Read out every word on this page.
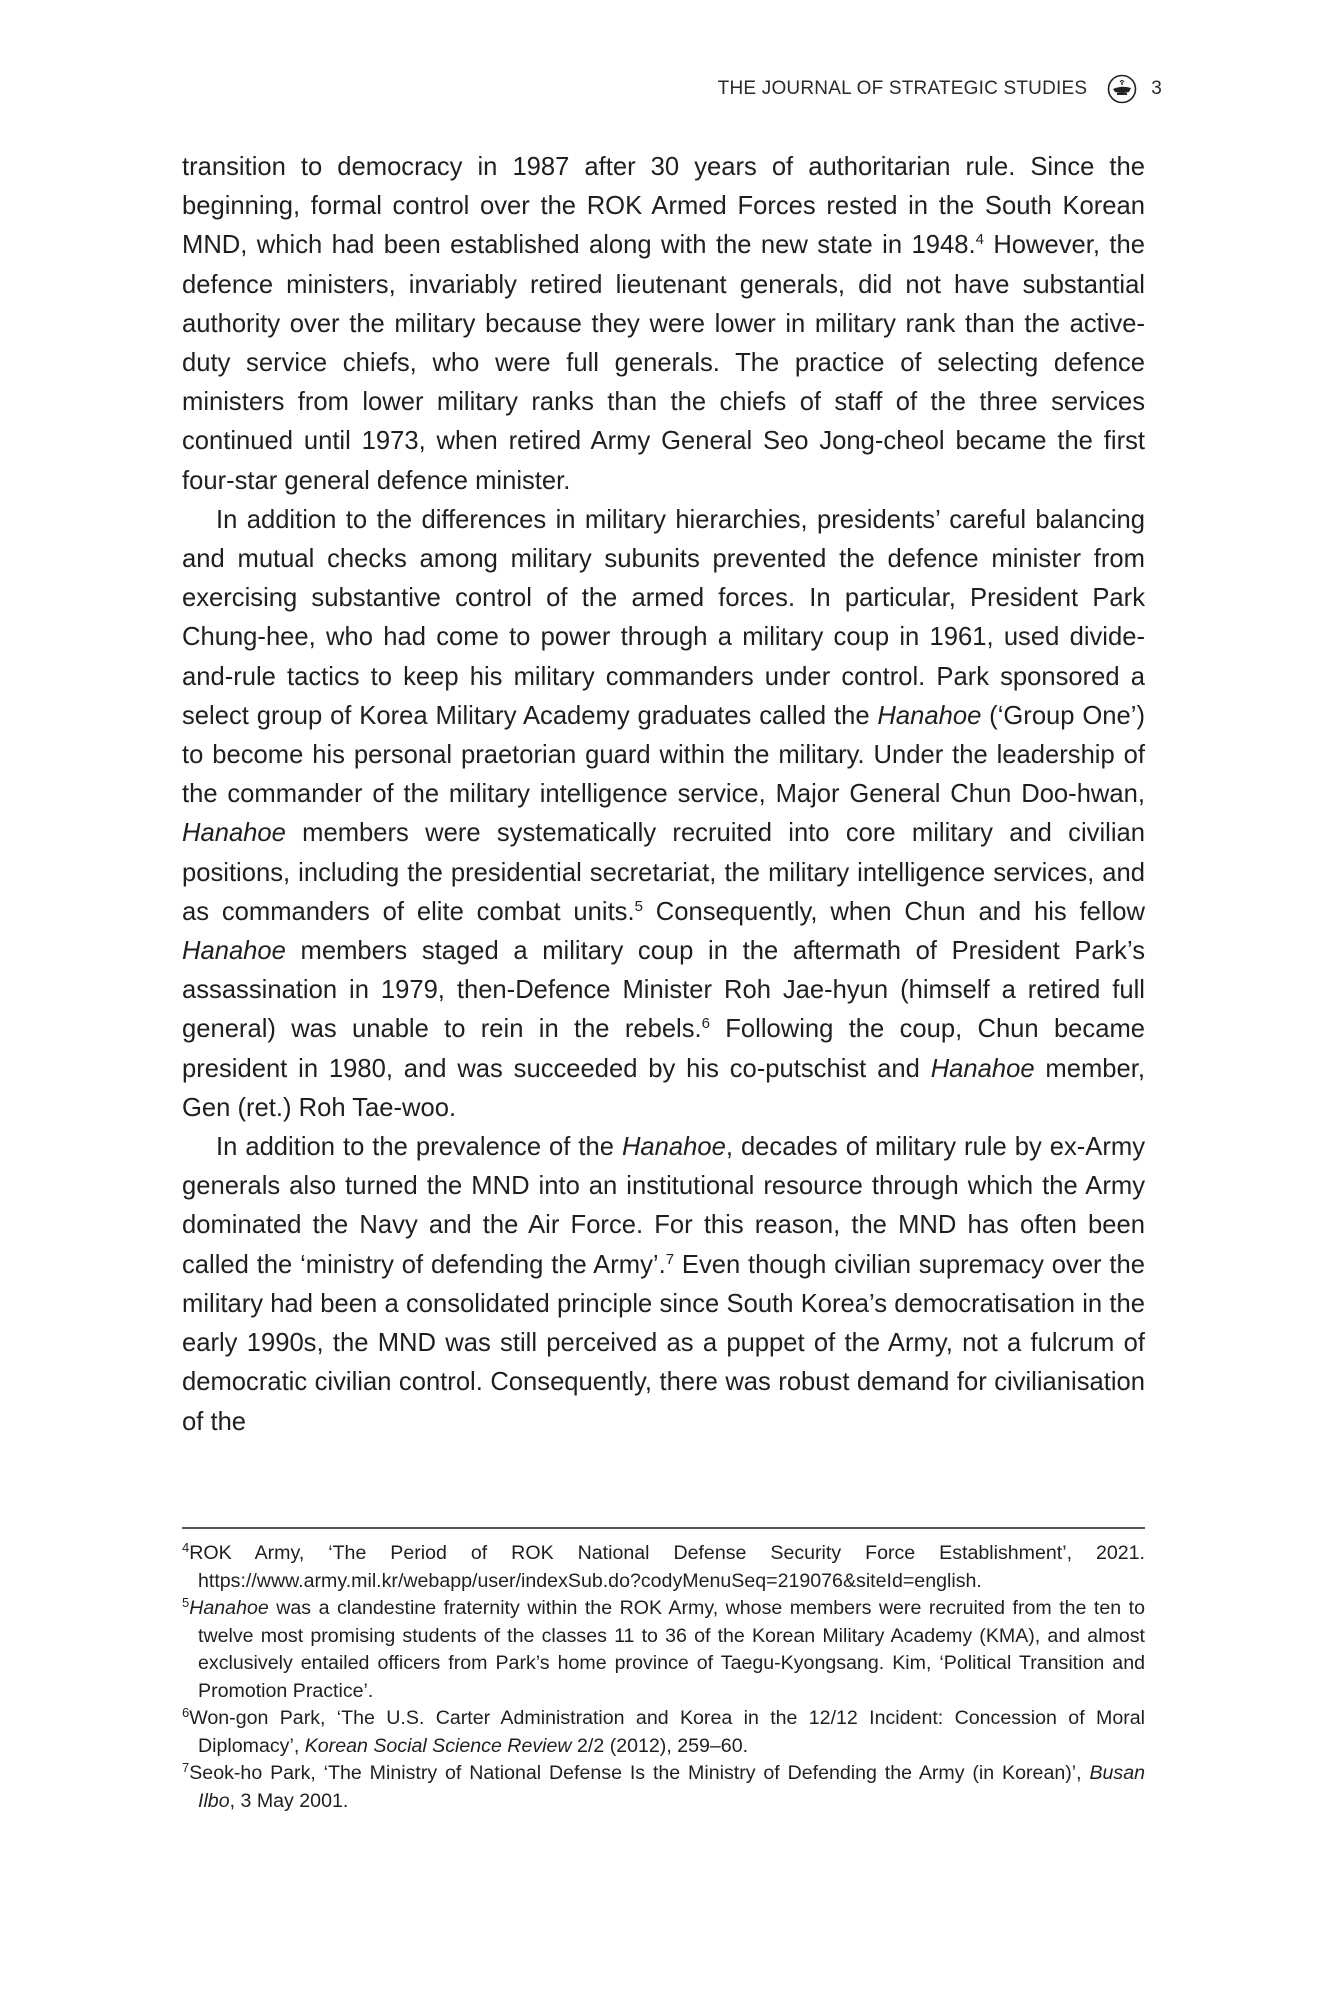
THE JOURNAL OF STRATEGIC STUDIES	3

transition to democracy in 1987 after 30 years of authoritarian rule. Since the beginning, formal control over the ROK Armed Forces rested in the South Korean MND, which had been established along with the new state in 1948.$^4$ However, the defence ministers, invariably retired lieutenant generals, did not have substantial authority over the military because they were lower in military rank than the active-duty service chiefs, who were full generals. The practice of selecting defence ministers from lower military ranks than the chiefs of staff of the three services continued until 1973, when retired Army General Seo Jong-cheol became the first four-star general defence minister.

In addition to the differences in military hierarchies, presidents’ careful balancing and mutual checks among military subunits prevented the defence minister from exercising substantive control of the armed forces. In particular, President Park Chung-hee, who had come to power through a military coup in 1961, used divide-and-rule tactics to keep his military commanders under control. Park sponsored a select group of Korea Military Academy graduates called the Hanahoe (‘Group One’) to become his personal praetorian guard within the military. Under the leadership of the commander of the military intelligence service, Major General Chun Doo-hwan, Hanahoe members were systematically recruited into core military and civilian positions, including the presidential secretariat, the military intelligence services, and as commanders of elite combat units.$^5$ Consequently, when Chun and his fellow Hanahoe members staged a military coup in the aftermath of President Park’s assassination in 1979, then-Defence Minister Roh Jae-hyun (himself a retired full general) was unable to rein in the rebels.$^6$ Following the coup, Chun became president in 1980, and was succeeded by his co-putschist and Hanahoe member, Gen (ret.) Roh Tae-woo.

In addition to the prevalence of the Hanahoe, decades of military rule by ex-Army generals also turned the MND into an institutional resource through which the Army dominated the Navy and the Air Force. For this reason, the MND has often been called the ‘ministry of defending the Army’.$^7$ Even though civilian supremacy over the military had been a consolidated principle since South Korea’s democratisation in the early 1990s, the MND was still perceived as a puppet of the Army, not a fulcrum of democratic civilian control. Consequently, there was robust demand for civilianisation of the

$^4$ROK Army, ‘The Period of ROK National Defense Security Force Establishment’, 2021. https://www.army.mil.kr/webapp/user/indexSub.do?codyMenuSeq=219076&siteId=english.

$^5$Hanahoe was a clandestine fraternity within the ROK Army, whose members were recruited from the ten to twelve most promising students of the classes 11 to 36 of the Korean Military Academy (KMA), and almost exclusively entailed officers from Park’s home province of Taegu-Kyongsang. Kim, ‘Political Transition and Promotion Practice’.

$^6$Won-gon Park, ‘The U.S. Carter Administration and Korea in the 12/12 Incident: Concession of Moral Diplomacy’, Korean Social Science Review 2/2 (2012), 259–60.

$^7$Seok-ho Park, ‘The Ministry of National Defense Is the Ministry of Defending the Army (in Korean)’, Busan Ilbo, 3 May 2001.
